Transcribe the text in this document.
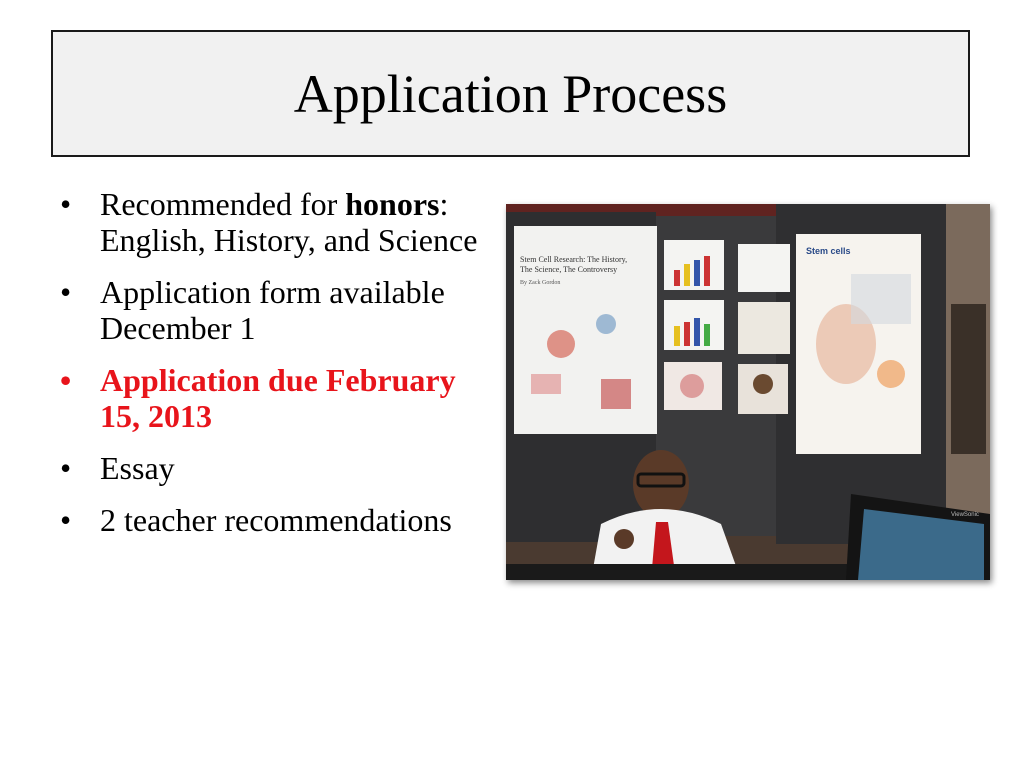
Application Process
• Recommended for honors: English, History, and Science
• Application form available December 1
• Application due February 15, 2013
• Essay
• 2 teacher recommendations
Stem Cell Research: The History,
The Science, The Controversy
By Zack Gordon
Stem cells
ViewSonic
